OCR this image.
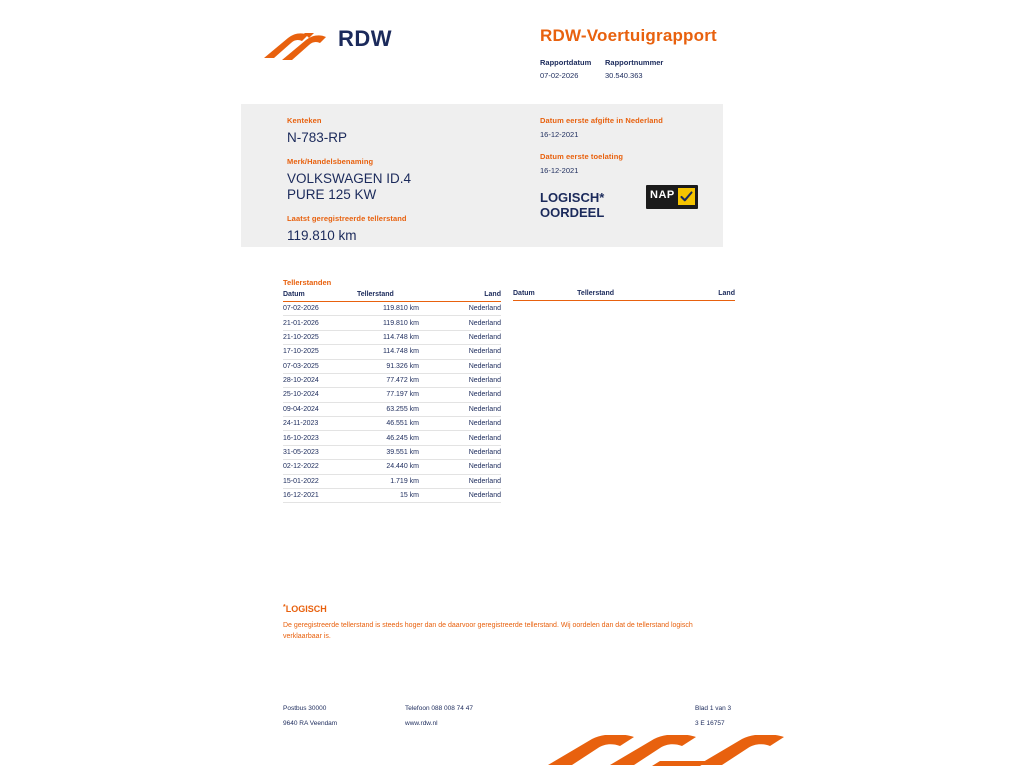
RDW	RDW-Voertuigrapport
Rapportdatum
07-02-2026
Rapportnummer
30.540.363
Kenteken
N-783-RP
Merk/Handelsbenaming
VOLKSWAGEN ID.4
PURE 125 KW
Laatst geregistreerde tellerstand
119.810 km
Datum eerste afgifte in Nederland
16-12-2021
Datum eerste toelating
16-12-2021
LOGISCH*
OORDEEL
NAP
Tellerstanden
Datum	Tellerstand	Land
07-02-2026	119.810 km	Nederland
21-01-2026	119.810 km	Nederland
21-10-2025	114.748 km	Nederland
17-10-2025	114.748 km	Nederland
07-03-2025	91.326 km	Nederland
28-10-2024	77.472 km	Nederland
25-10-2024	77.197 km	Nederland
09-04-2024	63.255 km	Nederland
24-11-2023	46.551 km	Nederland
16-10-2023	46.245 km	Nederland
31-05-2023	39.551 km	Nederland
02-12-2022	24.440 km	Nederland
15-01-2022	1.719 km	Nederland
16-12-2021	15 km	Nederland
Datum	Tellerstand	Land
*LOGISCH
De geregistreerde tellerstand is steeds hoger dan de daarvoor geregistreerde tellerstand. Wij oordelen dan dat de tellerstand logisch verklaarbaar is.
Postbus 30000
9640 RA Veendam
Telefoon 088 008 74 47
www.rdw.nl
Blad 1 van 3
3 E 16757
